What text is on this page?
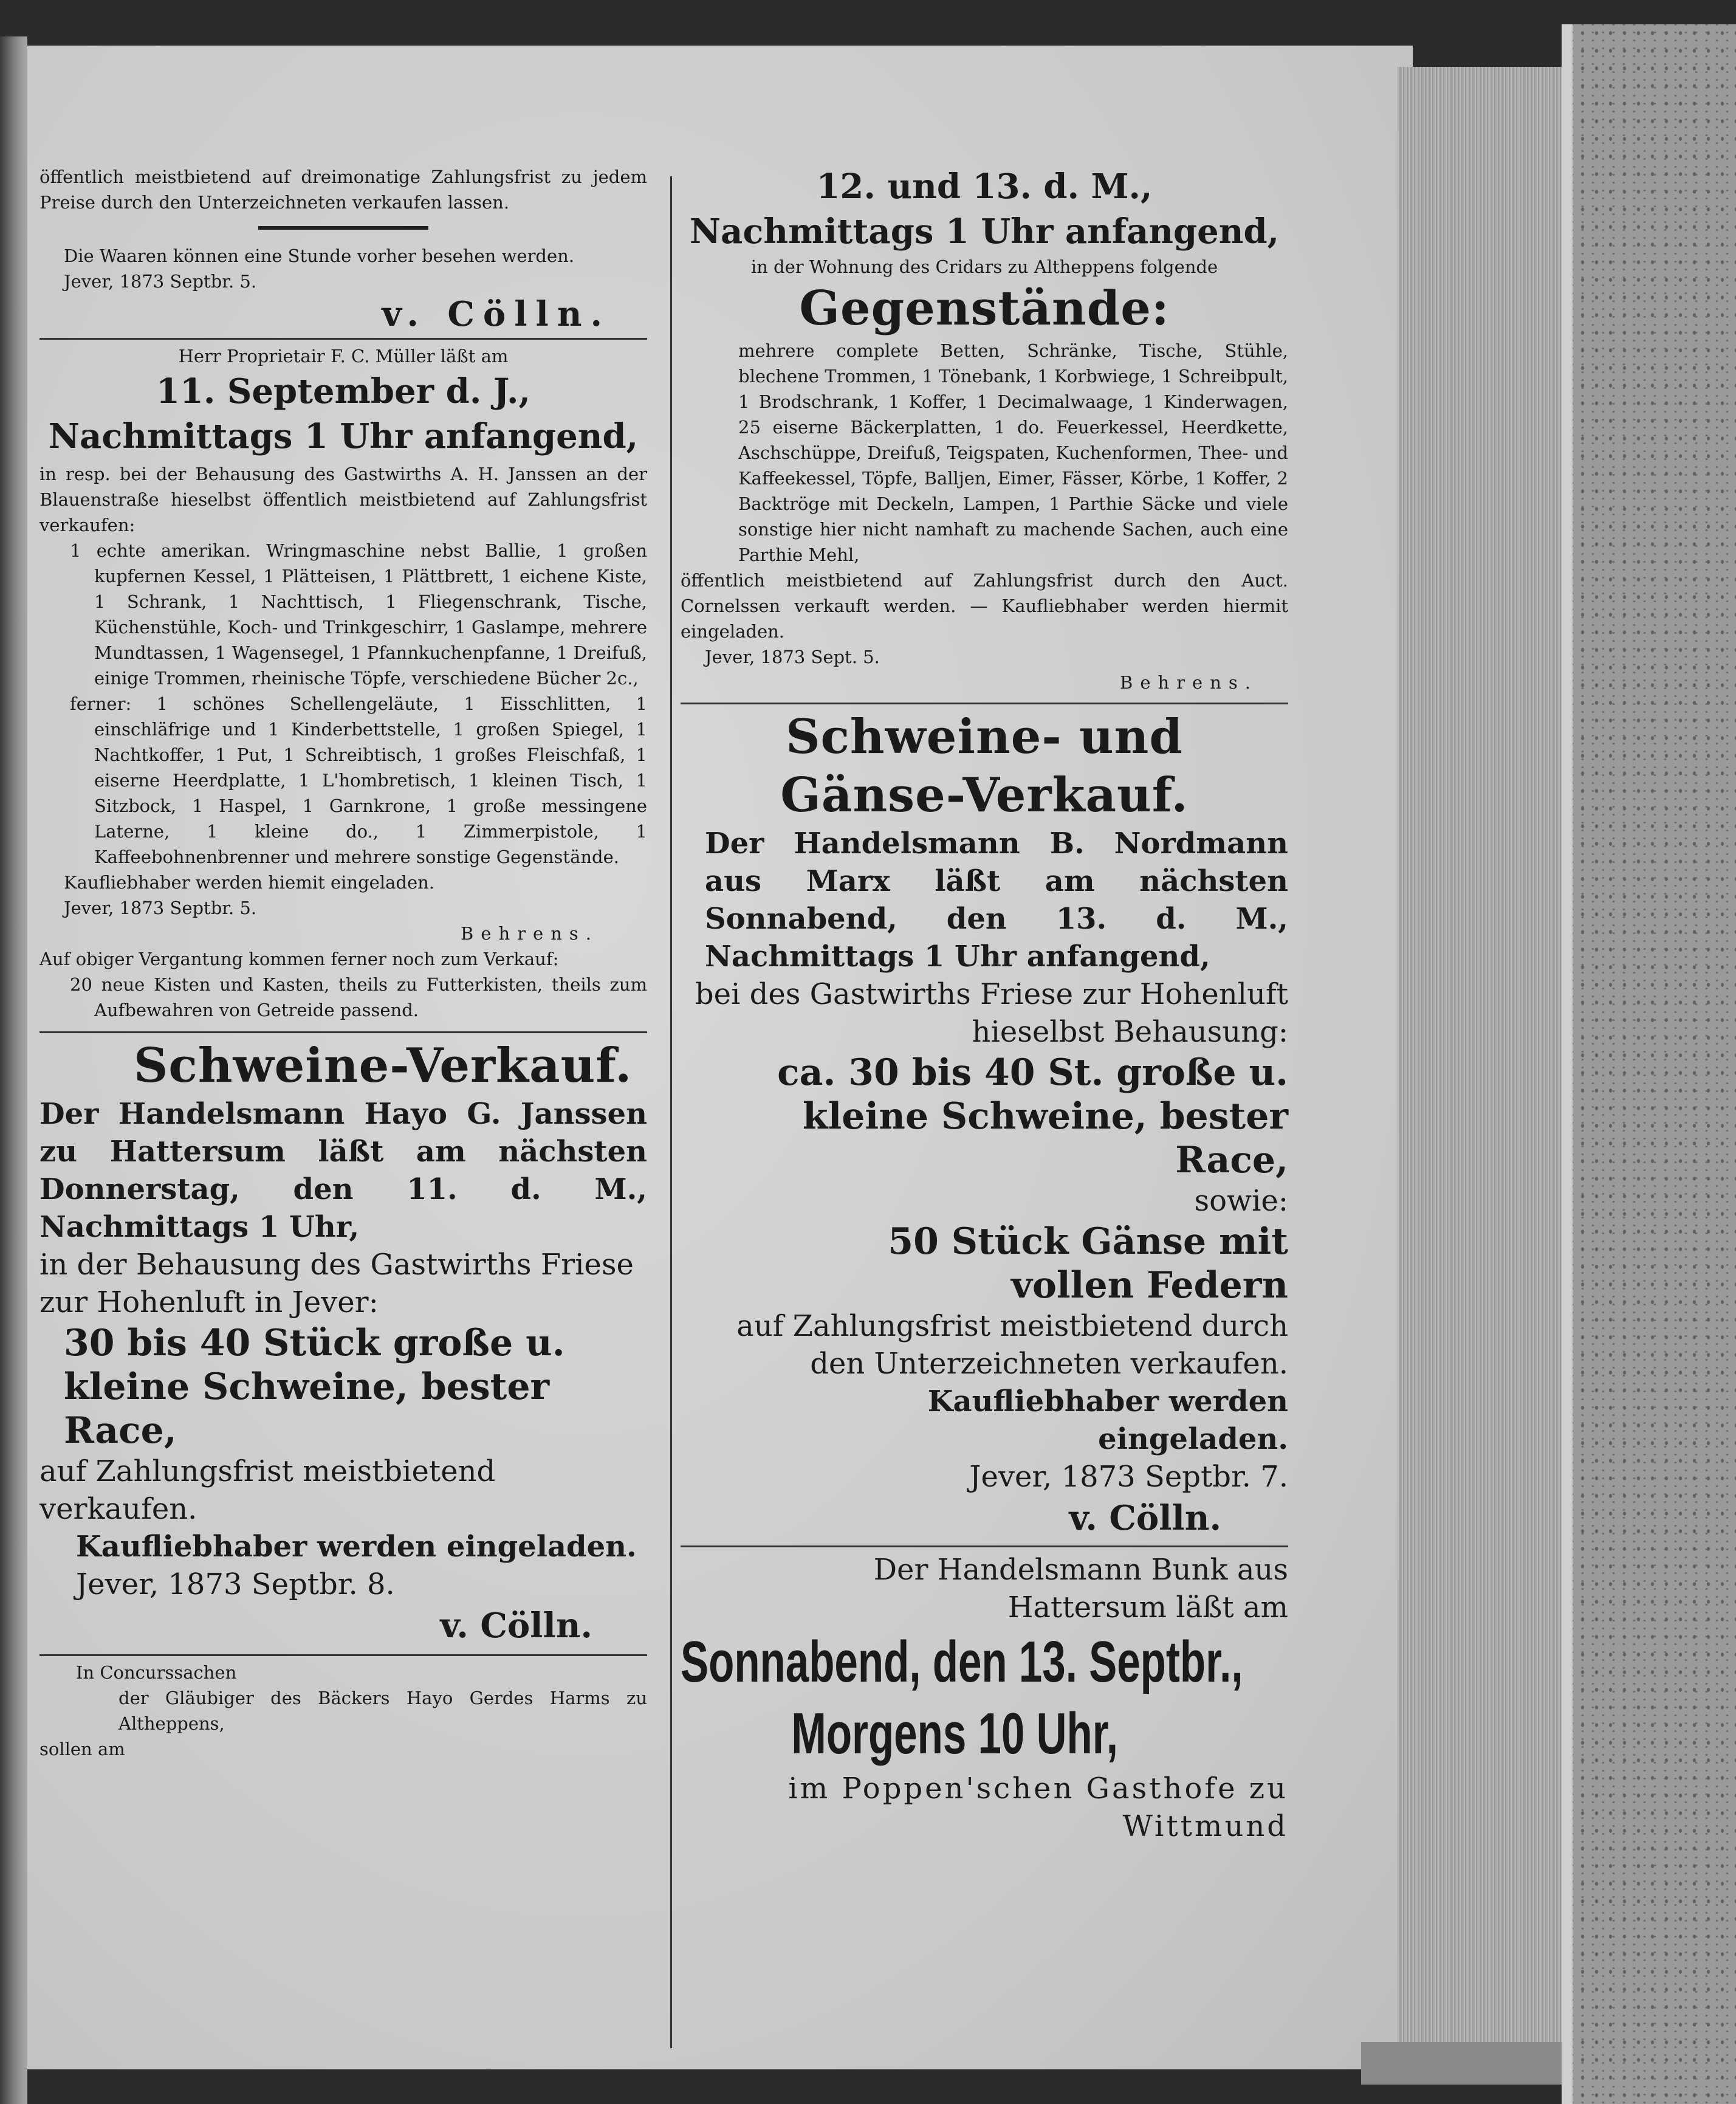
öffentlich meistbietend auf dreimonatige Zahlungsfrist zu jedem Preise durch den Unterzeichneten verkaufen lassen.

Die Waaren können eine Stunde vorher besehen werden.

Jever, 1873 Septbr. 5.

v. Cölln.

Herr Proprietair F. C. Müller läßt am

11. September d. J.,

Nachmittags 1 Uhr anfangend,

in resp. bei der Behausung des Gastwirths A. H. Janssen an der Blauenstraße hieselbst öffentlich meistbietend auf Zahlungsfrist verkaufen:

1 echte amerikan. Wringmaschine nebst Ballie, 1 großen kupfernen Kessel, 1 Plätteisen, 1 Plättbrett, 1 eichene Kiste, 1 Schrank, 1 Nachttisch, 1 Fliegenschrank, Tische, Küchenstühle, Koch- und Trinkgeschirr, 1 Gaslampe, mehrere Mundtassen, 1 Wagensegel, 1 Pfannkuchenpfanne, 1 Dreifuß, einige Trommen, rheinische Töpfe, verschiedene Bücher 2c.,

ferner: 1 schönes Schellengeläute, 1 Eisschlitten, 1 einschläfrige und 1 Kinderbettstelle, 1 großen Spiegel, 1 Nachtkoffer, 1 Put, 1 Schreibtisch, 1 großes Fleischfaß, 1 eiserne Heerdplatte, 1 L'hombretisch, 1 kleinen Tisch, 1 Sitzbock, 1 Haspel, 1 Garnkrone, 1 große messingene Laterne, 1 kleine do., 1 Zimmerpistole, 1 Kaffeebohnenbrenner und mehrere sonstige Gegenstände.

Kaufliebhaber werden hiemit eingeladen.

Jever, 1873 Septbr. 5.

Behrens.

Auf obiger Vergantung kommen ferner noch zum Verkauf:

20 neue Kisten und Kasten, theils zu Futterkisten, theils zum Aufbewahren von Getreide passend.

Schweine-Verkauf.

Der Handelsmann Hayo G. Janssen zu Hattersum läßt am nächsten Donnerstag, den 11. d. M., Nachmittags 1 Uhr,

in der Behausung des Gastwirths Friese zur Hohenluft in Jever:

30 bis 40 Stück große u. kleine Schweine, bester Race,

auf Zahlungsfrist meistbietend verkaufen.

Kaufliebhaber werden eingeladen.

Jever, 1873 Septbr. 8.

v. Cölln.

In Concurssachen

der Gläubiger des Bäckers Hayo Gerdes Harms zu Altheppens,

sollen am

12. und 13. d. M.,

Nachmittags 1 Uhr anfangend,

in der Wohnung des Cridars zu Altheppens folgende

Gegenstände:

mehrere complete Betten, Schränke, Tische, Stühle, blechene Trommen, 1 Tönebank, 1 Korbwiege, 1 Schreibpult, 1 Brodschrank, 1 Koffer, 1 Decimalwaage, 1 Kinderwagen, 25 eiserne Bäckerplatten, 1 do. Feuerkessel, Heerdkette, Aschschüppe, Dreifuß, Teigspaten, Kuchenformen, Thee- und Kaffeekessel, Töpfe, Balljen, Eimer, Fässer, Körbe, 1 Koffer, 2 Backtröge mit Deckeln, Lampen, 1 Parthie Säcke und viele sonstige hier nicht namhaft zu machende Sachen, auch eine Parthie Mehl,

öffentlich meistbietend auf Zahlungsfrist durch den Auct. Cornelssen verkauft werden. — Kaufliebhaber werden hiermit eingeladen.

Jever, 1873 Sept. 5.

Behrens.

Schweine- und

Gänse-Verkauf.

Der Handelsmann B. Nordmann aus Marx läßt am nächsten Sonnabend, den 13. d. M., Nachmittags 1 Uhr anfangend,

bei des Gastwirths Friese zur Hohenluft hieselbst Behausung:

ca. 30 bis 40 St. große u. kleine Schweine, bester Race,

sowie:

50 Stück Gänse mit vollen Federn

auf Zahlungsfrist meistbietend durch den Unterzeichneten verkaufen.

Kaufliebhaber werden eingeladen.

Jever, 1873 Septbr. 7.

v. Cölln.

Der Handelsmann Bunk aus Hattersum läßt am

Sonnabend, den 13. Septbr.,

Morgens 10 Uhr,

im Poppen'schen Gasthofe zu Wittmund
